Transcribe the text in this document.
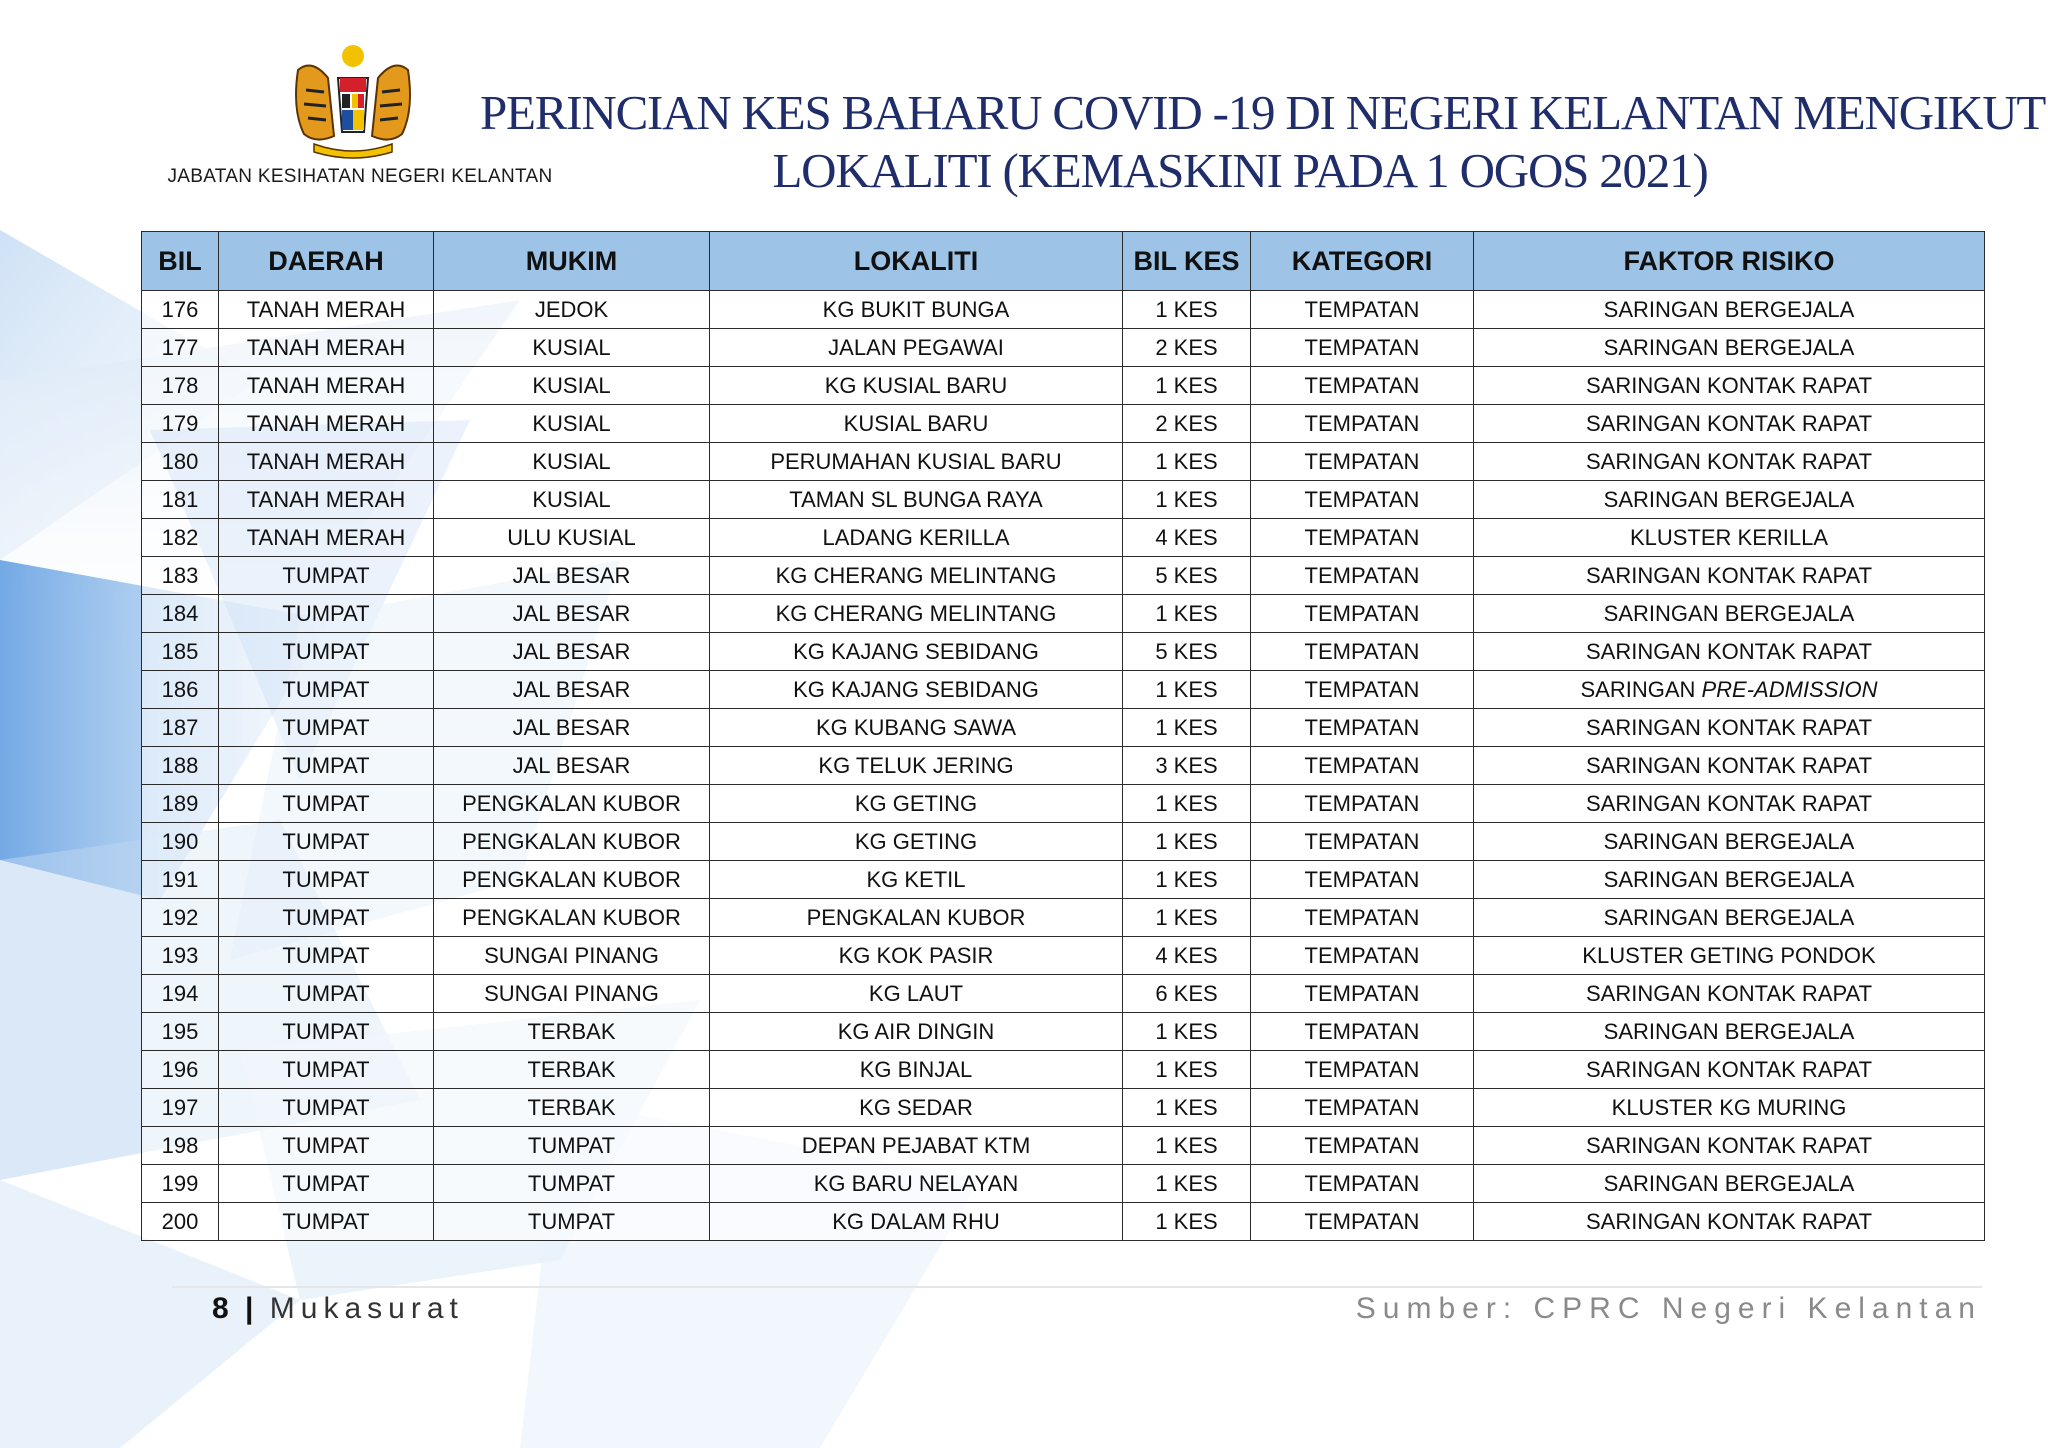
JABATAN KESIHATAN NEGERI KELANTAN
PERINCIAN KES BAHARU COVID -19 DI NEGERI KELANTAN MENGIKUT
LOKALITI (KEMASKINI PADA 1 OGOS 2021)
BIL	DAERAH	MUKIM	LOKALITI	BIL KES	KATEGORI	FAKTOR RISIKO
176	TANAH MERAH	JEDOK	KG BUKIT BUNGA	1 KES	TEMPATAN	SARINGAN BERGEJALA
177	TANAH MERAH	KUSIAL	JALAN PEGAWAI	2 KES	TEMPATAN	SARINGAN BERGEJALA
178	TANAH MERAH	KUSIAL	KG KUSIAL BARU	1 KES	TEMPATAN	SARINGAN KONTAK RAPAT
179	TANAH MERAH	KUSIAL	KUSIAL BARU	2 KES	TEMPATAN	SARINGAN KONTAK RAPAT
180	TANAH MERAH	KUSIAL	PERUMAHAN KUSIAL BARU	1 KES	TEMPATAN	SARINGAN KONTAK RAPAT
181	TANAH MERAH	KUSIAL	TAMAN SL BUNGA RAYA	1 KES	TEMPATAN	SARINGAN BERGEJALA
182	TANAH MERAH	ULU KUSIAL	LADANG KERILLA	4 KES	TEMPATAN	KLUSTER KERILLA
183	TUMPAT	JAL BESAR	KG CHERANG MELINTANG	5 KES	TEMPATAN	SARINGAN KONTAK RAPAT
184	TUMPAT	JAL BESAR	KG CHERANG MELINTANG	1 KES	TEMPATAN	SARINGAN BERGEJALA
185	TUMPAT	JAL BESAR	KG KAJANG SEBIDANG	5 KES	TEMPATAN	SARINGAN KONTAK RAPAT
186	TUMPAT	JAL BESAR	KG KAJANG SEBIDANG	1 KES	TEMPATAN	SARINGAN PRE-ADMISSION
187	TUMPAT	JAL BESAR	KG KUBANG SAWA	1 KES	TEMPATAN	SARINGAN KONTAK RAPAT
188	TUMPAT	JAL BESAR	KG TELUK JERING	3 KES	TEMPATAN	SARINGAN KONTAK RAPAT
189	TUMPAT	PENGKALAN KUBOR	KG GETING	1 KES	TEMPATAN	SARINGAN KONTAK RAPAT
190	TUMPAT	PENGKALAN KUBOR	KG GETING	1 KES	TEMPATAN	SARINGAN BERGEJALA
191	TUMPAT	PENGKALAN KUBOR	KG KETIL	1 KES	TEMPATAN	SARINGAN BERGEJALA
192	TUMPAT	PENGKALAN KUBOR	PENGKALAN KUBOR	1 KES	TEMPATAN	SARINGAN BERGEJALA
193	TUMPAT	SUNGAI PINANG	KG KOK PASIR	4 KES	TEMPATAN	KLUSTER GETING PONDOK
194	TUMPAT	SUNGAI PINANG	KG LAUT	6 KES	TEMPATAN	SARINGAN KONTAK RAPAT
195	TUMPAT	TERBAK	KG AIR DINGIN	1 KES	TEMPATAN	SARINGAN BERGEJALA
196	TUMPAT	TERBAK	KG BINJAL	1 KES	TEMPATAN	SARINGAN KONTAK RAPAT
197	TUMPAT	TERBAK	KG SEDAR	1 KES	TEMPATAN	KLUSTER KG MURING
198	TUMPAT	TUMPAT	DEPAN PEJABAT KTM	1 KES	TEMPATAN	SARINGAN KONTAK RAPAT
199	TUMPAT	TUMPAT	KG BARU NELAYAN	1 KES	TEMPATAN	SARINGAN BERGEJALA
200	TUMPAT	TUMPAT	KG DALAM RHU	1 KES	TEMPATAN	SARINGAN KONTAK RAPAT
8 | Mukasurat	Sumber: CPRC Negeri Kelantan
